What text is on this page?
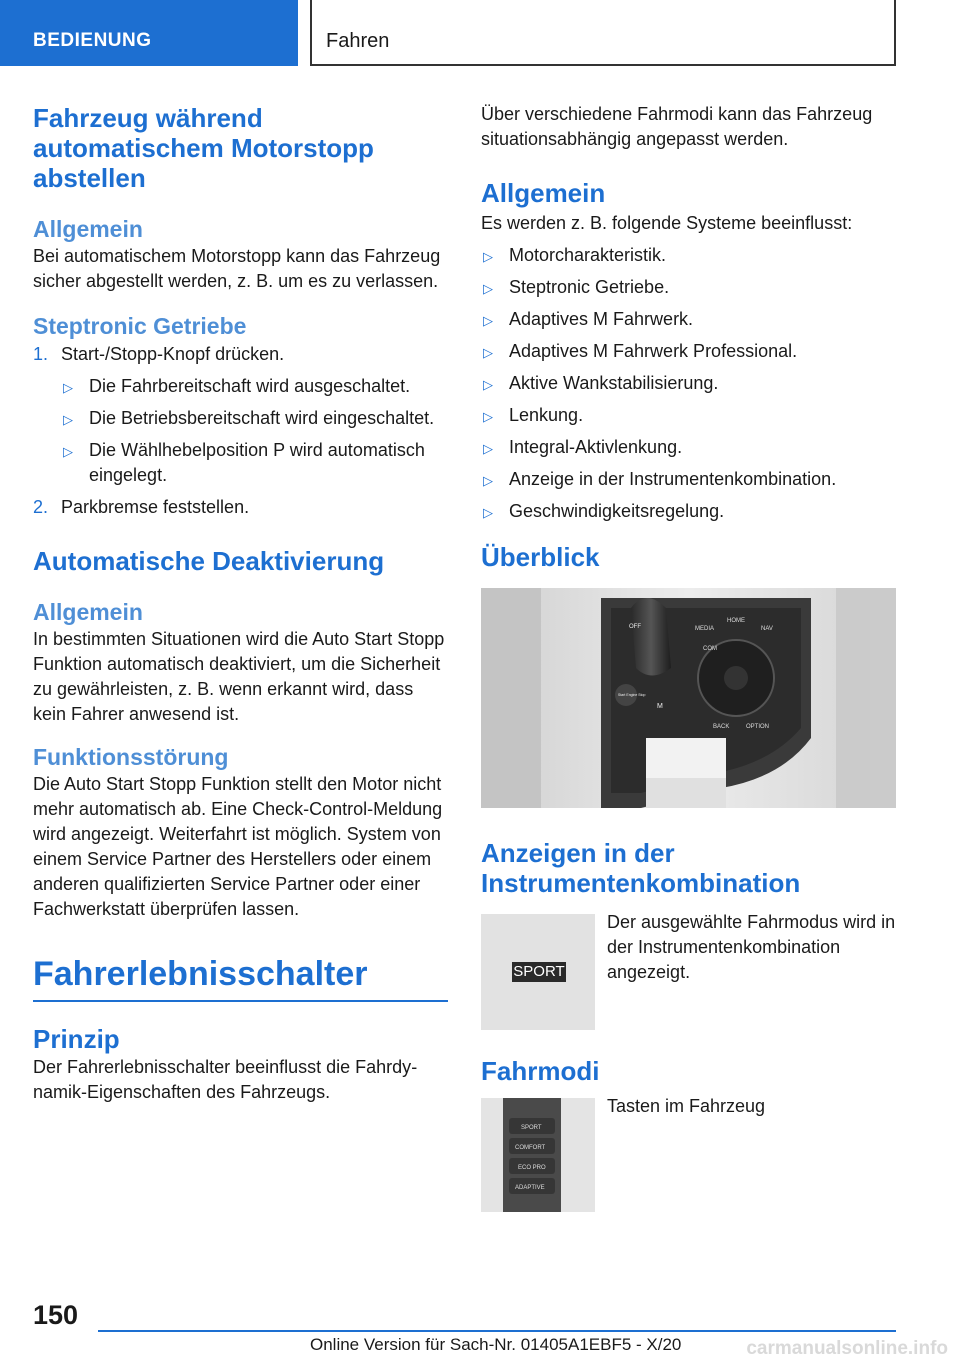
BEDIENUNG	Fahren
Fahrzeug während automatischem Motorstopp abstellen
Allgemein

Bei automatischem Motorstopp kann das Fahrzeug sicher abgestellt werden, z. B. um es zu verlassen.

Steptronic Getriebe
1. Start-/Stopp-Knopf drücken.
▷ Die Fahrbereitschaft wird ausgeschaltet.
▷ Die Betriebsbereitschaft wird eingeschaltet.
▷ Die Wählhebelposition P wird automatisch eingelegt.
2. Parkbremse feststellen.
Automatische Deaktivierung
Allgemein

In bestimmten Situationen wird die Auto Start Stopp Funktion automatisch deaktiviert, um die Sicherheit zu gewährleisten, z. B. wenn erkannt wird, dass kein Fahrer anwesend ist.

Funktionsstörung

Die Auto Start Stopp Funktion stellt den Motor nicht mehr automatisch ab. Eine Check-Control-Meldung wird angezeigt. Weiterfahrt ist möglich. System von einem Service Partner des Herstellers oder einem anderen qualifizierten Service Partner oder einer Fachwerkstatt überprüfen lassen.

Fahrerlebnisschalter
Prinzip

Der Fahrerlebnisschalter beeinflusst die Fahrdynamik-Eigenschaften des Fahrzeugs.

Über verschiedene Fahrmodi kann das Fahrzeug situationsabhängig angepasst werden.

Allgemein

Es werden z. B. folgende Systeme beeinflusst:

▷ Motorcharakteristik.
▷ Steptronic Getriebe.
▷ Adaptives M Fahrwerk.
▷ Adaptives M Fahrwerk Professional.
▷ Aktive Wankstabilisierung.
▷ Lenkung.
▷ Integral-Aktivlenkung.
▷ Anzeige in der Instrumentenkombination.
▷ Geschwindigkeitsregelung.
Überblick
MEDIA
HOME
NAV
COM
BACK	OPTION
Start Engine Stop
M
OFF
Anzeigen in der Instrumentenkombination
SPORT

Der ausgewählte Fahrmodus wird in der Instrumentenkombination angezeigt.

Fahrmodi
SPORT
COMFORT
ECO PRO
ADAPTIVE

Tasten im Fahrzeug

150
Online Version für Sach-Nr. 01405A1EBF5 - X/20	carmanualsonline.info
